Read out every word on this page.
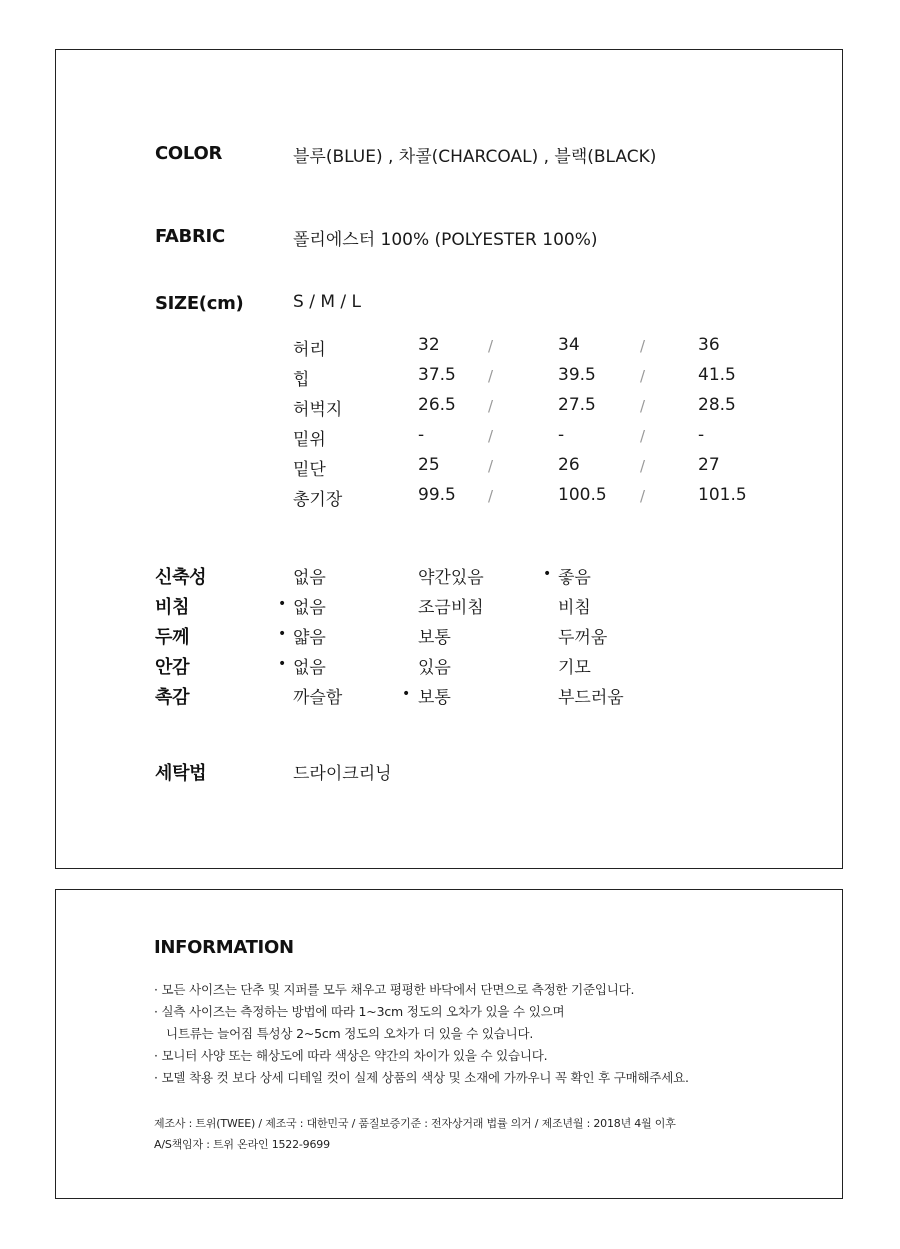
COLOR	블루(BLUE) , 차콜(CHARCOAL) , 블랙(BLACK)
FABRIC	폴리에스터 100% (POLYESTER 100%)
SIZE(cm)	S / M / L
허리	32	/	34	/	36
힙	37.5 /	39.5	/	41.5
허벅지	26.5 /	27.5	/	28.5
밑위	-	/	-	/	-
밑단	25	/	26	/	27
총기장	99.5 /	100.5 /	101.5
신축성	없음	약간있음	• 좋음
비침	• 없음	조금비침	비침
두께	• 얇음	보통	두꺼움
안감	• 없음	있음	기모
촉감	까슬함	• 보통	부드러움
세탁법	드라이크리닝
INFORMATION
· 모든 사이즈는 단추 및 지퍼를 모두 채우고 평평한 바닥에서 단면으로 측정한 기준입니다.
· 실측 사이즈는 측정하는 방법에 따라 1~3cm 정도의 오차가 있을 수 있으며
니트류는 늘어짐 특성상 2~5cm 정도의 오차가 더 있을 수 있습니다.
· 모니터 사양 또는 해상도에 따라 색상은 약간의 차이가 있을 수 있습니다.
· 모델 착용 컷 보다 상세 디테일 컷이 실제 상품의 색상 및 소재에 가까우니 꼭 확인 후 구매해주세요.
제조사 : 트위(TWEE) / 제조국 : 대한민국 / 품질보증기준 : 전자상거래 법률 의거 / 제조년월 : 2018년 4월 이후
A/S책임자 : 트위 온라인 1522-9699
